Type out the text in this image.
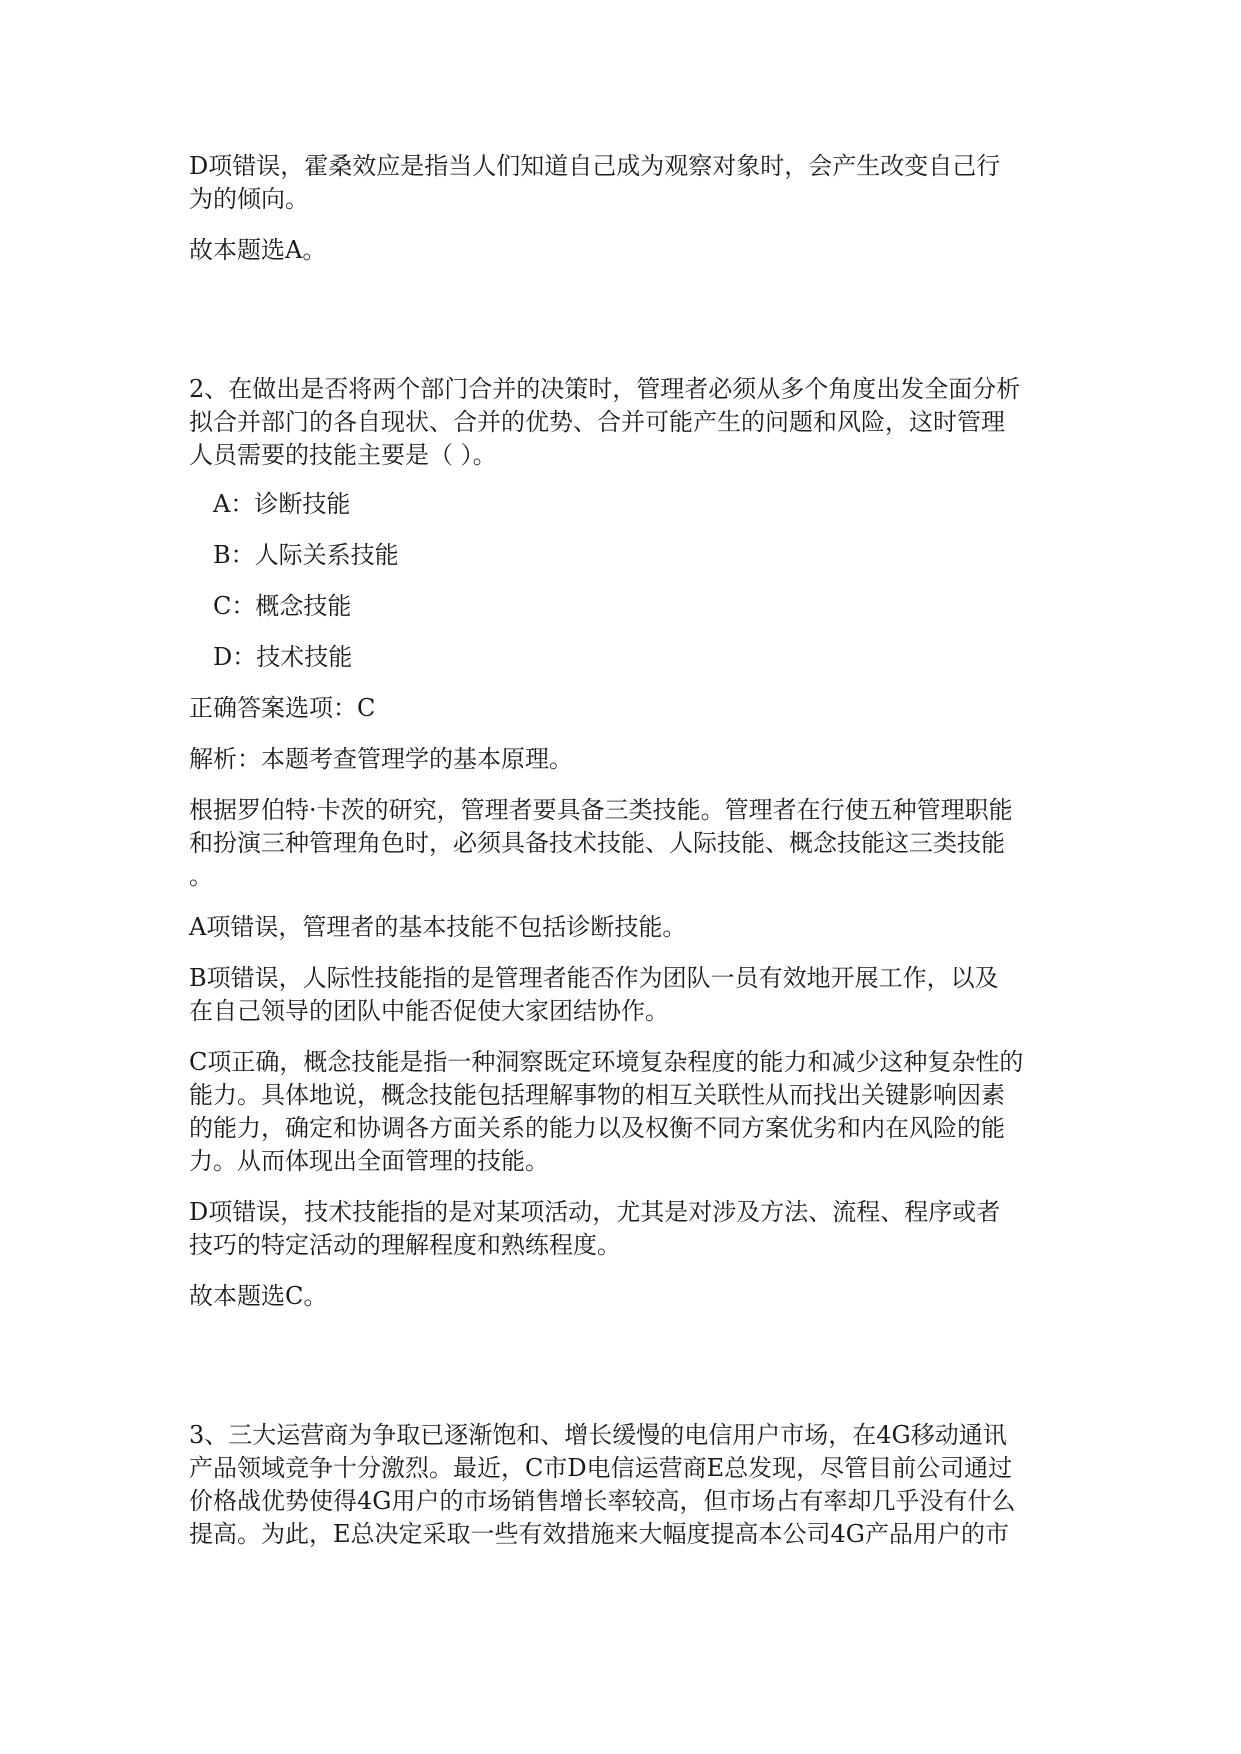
D项错误，霍桑效应是指当人们知道自己成为观察对象时，会产生改变自己行
为的倾向。
故本题选A。
2、在做出是否将两个部门合并的决策时，管理者必须从多个角度出发全面分析
拟合并部门的各自现状、合并的优势、合并可能产生的问题和风险，这时管理
人员需要的技能主要是（ ）。
A：诊断技能
B：人际关系技能
C：概念技能
D：技术技能
正确答案选项：C
解析：本题考查管理学的基本原理。
根据罗伯特·卡茨的研究，管理者要具备三类技能。管理者在行使五种管理职能
和扮演三种管理角色时，必须具备技术技能、人际技能、概念技能这三类技能
。
A项错误，管理者的基本技能不包括诊断技能。
B项错误，人际性技能指的是管理者能否作为团队一员有效地开展工作，以及
在自己领导的团队中能否促使大家团结协作。
C项正确，概念技能是指一种洞察既定环境复杂程度的能力和减少这种复杂性的
能力。具体地说，概念技能包括理解事物的相互关联性从而找出关键影响因素
的能力，确定和协调各方面关系的能力以及权衡不同方案优劣和内在风险的能
力。从而体现出全面管理的技能。
D项错误，技术技能指的是对某项活动，尤其是对涉及方法、流程、程序或者
技巧的特定活动的理解程度和熟练程度。
故本题选C。
3、三大运营商为争取已逐渐饱和、增长缓慢的电信用户市场，在4G移动通讯
产品领域竞争十分激烈。最近，C市D电信运营商E总发现，尽管目前公司通过
价格战优势使得4G用户的市场销售增长率较高，但市场占有率却几乎没有什么
提高。为此，E总决定采取一些有效措施来大幅度提高本公司4G产品用户的市
